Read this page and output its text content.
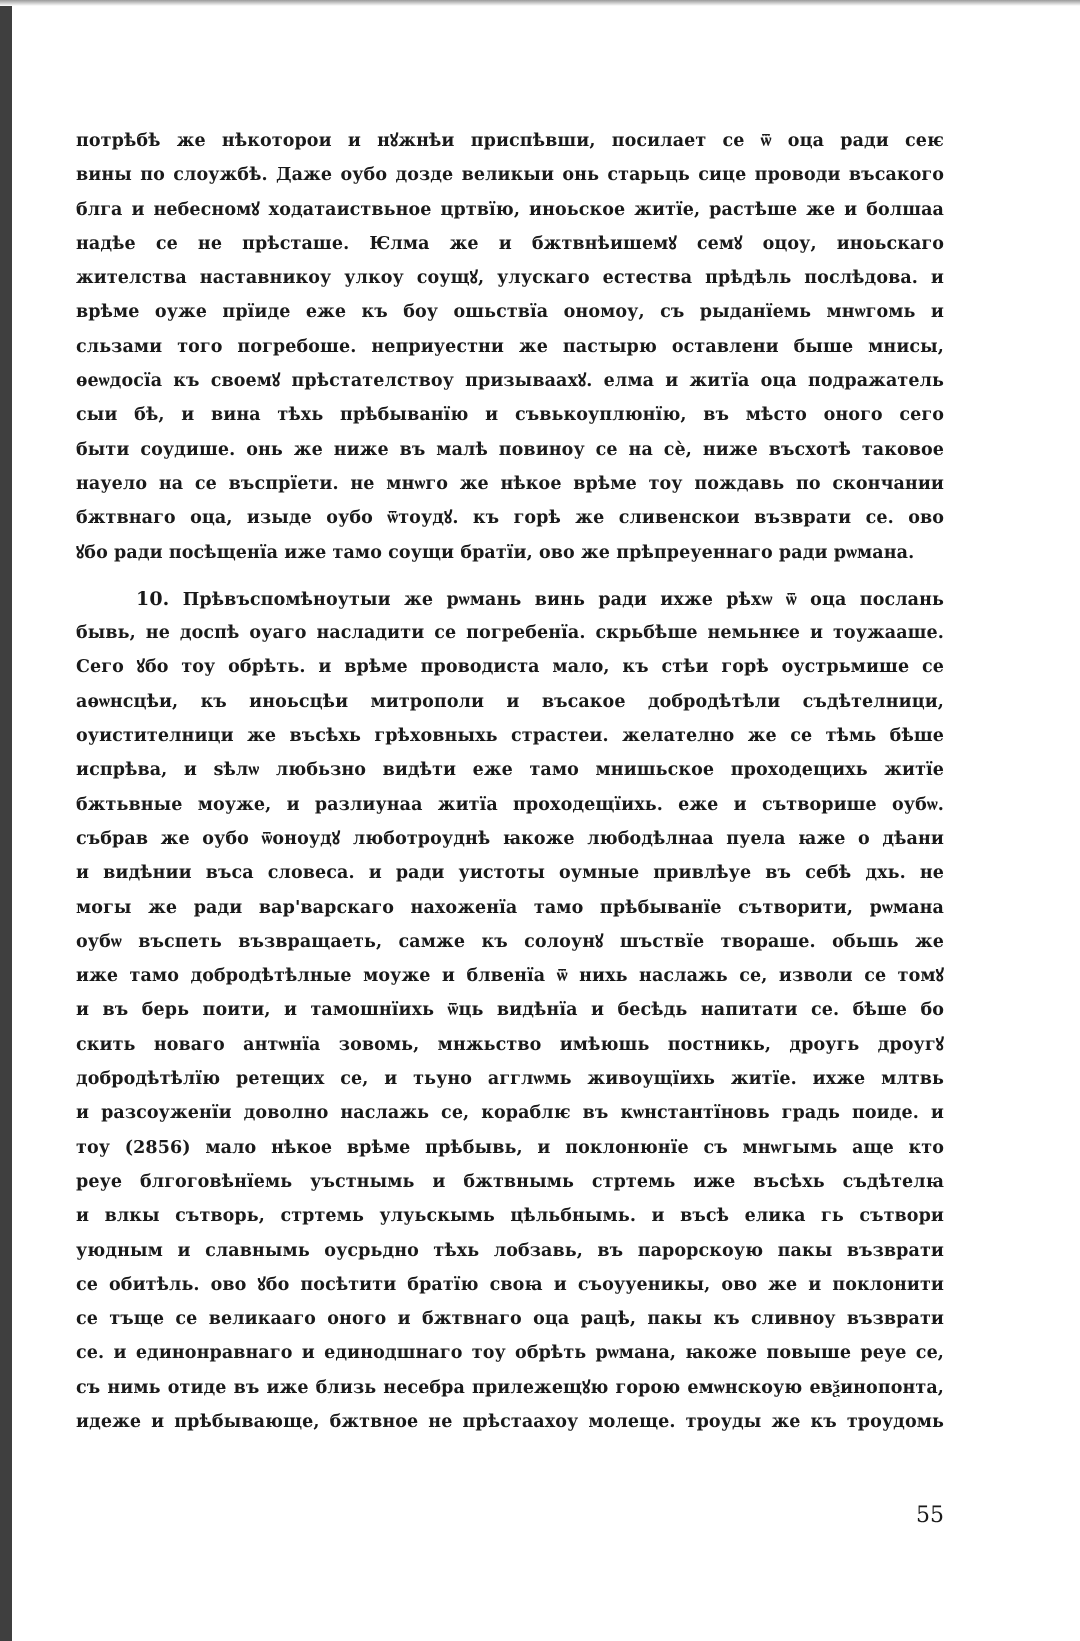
потрѣбѣ же нѣкоторои и нꙋжнѣи приспѣвши, посилает се ѿ оца ради сеѥ
вины по слоужбѣ. Даже оубо дозде великыи онь старьць сице проводи въсакого
блга и небесномꙋ ходатаиствьное цртвїю, иноьское житїе, растѣше же и болшаа
надѣе се не прѣсташе. Ѥлма же и бжтвнѣишемꙋ семꙋ оцоу, иноьскаго
жителства наставникоу улкоу соущꙋ, улускаго естества прѣдѣль послѣдова. и
врѣме оуже прїиде еже къ боу ошьствїа ономоу, съ рыданїемь мнѡгомь и
сльзами того погребоше. неприуестни же пастырю оставлени быше мнисы,
ѳеѡдосїа къ своемꙋ прѣстателствоу призываахꙋ. елма и житїа оца подражатель
сыи бѣ, и вина тѣхь прѣбыванїю и съвькоуплюнїю, въ мѣсто оного сего
быти соудише. онь же ниже въ малѣ повиноу се на сѐ, ниже въсхотѣ таковое
науело на се въспрїети. не мнѡго же нѣкое врѣме тоу пождавь по скончании
бжтвнаго оца, изыде оубо ѿтоудꙋ. къ горѣ же сливенскои възврати се. ово
ꙋбо ради посѣщенїа иже тамо соущи братїи, ово же прѣпреуеннаго ради рѡмана.
10. Прѣвъспомѣноутыи же рѡмань винь ради ихже рѣхѡ ѿ оца послань
бывь, не доспѣ оуаго насладити се погребенїа. скрьбѣше немьнѥе и тоужааше.
Сего ꙋбо тоу обрѣть. и врѣме проводиста мало, къ стѣи горѣ оустрьмише се
аѳѡнсцѣи, къ иноьсцѣи митрополи и въсакое добродѣтѣли съдѣтелници,
оуистителници же въсѣхь грѣховныхь страстеи. желателно же се тѣмь бѣше
испрѣва, и ѕѣлѡ любьзно видѣти еже тамо мнишьское проходещихь житїе
бжтьвные моуже, и разлиунаа житїа проходещїихь. еже и сътворише оубѡ.
събрав же оубо ѿоноудꙋ люботроуднѣ ꙗкоже любодѣлнаа пуела ꙗже о дѣани
и видѣнии въса словеса. и ради уистоты оумные привлѣуе въ себѣ дхь. не
могы же ради вар'варскаго нахоженїа тамо прѣбыванїе сътворити, рѡмана
оубѡ въспеть възвращаеть, самже къ солоунꙋ шъствїе твораше. обьшь же
иже тамо добродѣтѣлные моуже и блвенїа ѿ нихь наслажь се, изволи се томꙋ
и въ берь поити, и тамошнїихь ѿць видѣнїа и бесѣдь напитати се. бѣше бо
скить новаго антѡнїа зовомь, мнжьство имѣюшь постникь, дроугь дроугꙋ
добродѣтѣлїю ретещих се, и тьуно агглѡмь живоущїихь житїе. ихже млтвь
и разсоуженїи доволно наслажь се, кораблѥ въ кѡнстантїновь градь поиде. и
тоу (2856) мало нѣкое врѣме прѣбывь, и поклонюнїе съ мнѡгымь аще кто
реуе блгоговѣнїемь уъстнымь и бжтвнымь стртемь иже въсѣхь съдѣтелꙗ
и влкы сътворь, стртемь улуьскымь цѣльбнымь. и въсѣ елика гь сътвори
уюдным и славнымь оусрьдно тѣхь лобзавь, въ парорскоую пакы възврати
се обитѣль. ово ꙋбо посѣтити братїю своꙗ и съоууеникы, ово же и поклонити
се тъще се великааго оного и бжтвнаго оца рацѣ, пакы къ сливноу възврати
се. и единонравнаго и единодшнаго тоу обрѣть рѡмана, ꙗкоже повыше реуе се,
съ нимь отиде въ иже близь несебра прилежещꙋю горою емѡнскоую евѯинопонта,
идеже и прѣбывающе, бжтвное не прѣстаахоу молеще. троуды же къ троудомь
55
